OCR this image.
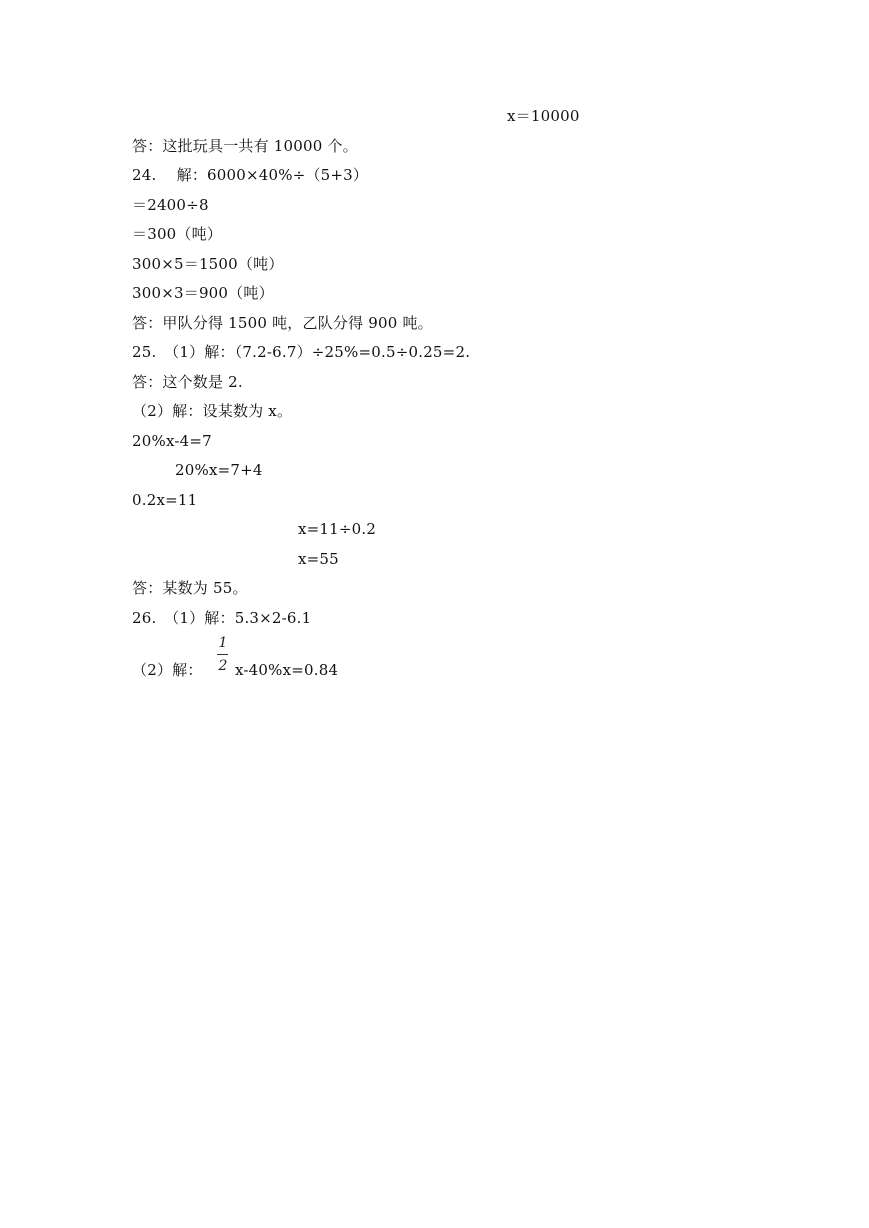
x＝10000
答：这批玩具一共有 10000 个。
24.　 解：6000×40%÷（5+3）
＝2400÷8
＝300（吨）
300×5＝1500（吨）
300×3＝900（吨）
答：甲队分得 1500 吨，乙队分得 900 吨。
25.　（1）解：（7.2-6.7）÷25%=0.5÷0.25=2.
答：这个数是 2.
（2）解：设某数为 x。
20%x-4=7
20%x=7+4
0.2x=11
x=11÷0.2
x=55
答：某数为 55。
26.　（1）解：5.3×2-6.1
（2）解：
1
2 x-40%x=0.84
